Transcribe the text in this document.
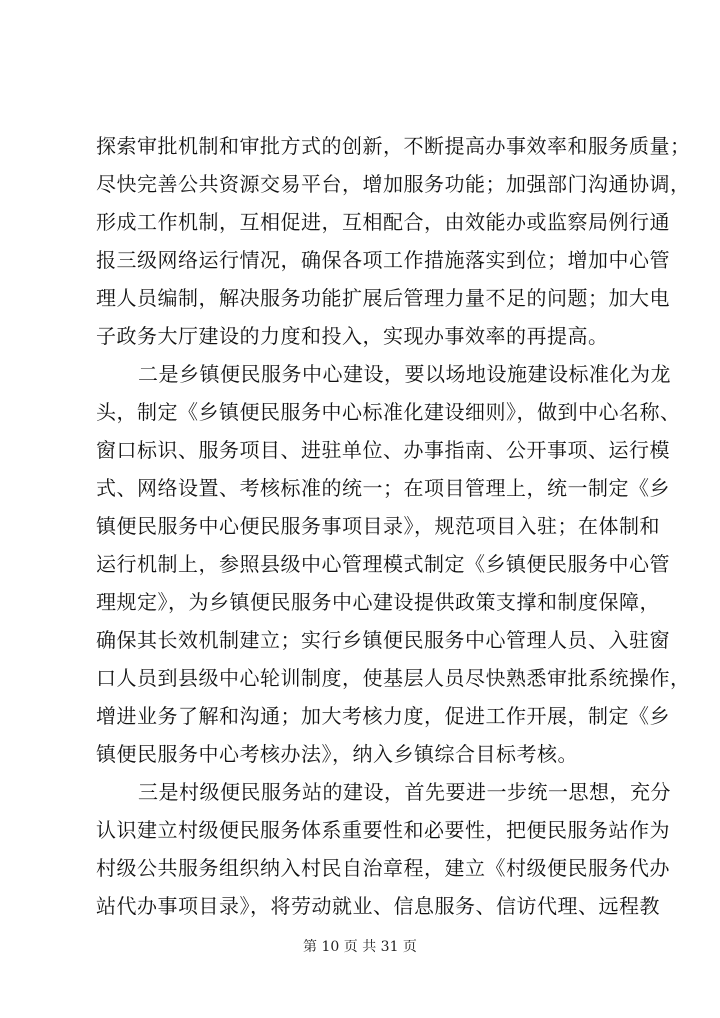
探索审批机制和审批方式的创新，不断提高办事效率和服务质量；
尽快完善公共资源交易平台，增加服务功能；加强部门沟通协调，
形成工作机制，互相促进，互相配合，由效能办或监察局例行通
报三级网络运行情况，确保各项工作措施落实到位；增加中心管
理人员编制，解决服务功能扩展后管理力量不足的问题；加大电
子政务大厅建设的力度和投入，实现办事效率的再提高。
二是乡镇便民服务中心建设，要以场地设施建设标准化为龙
头，制定《乡镇便民服务中心标准化建设细则》，做到中心名称、
窗口标识、服务项目、进驻单位、办事指南、公开事项、运行模
式、网络设置、考核标准的统一；在项目管理上，统一制定《乡
镇便民服务中心便民服务事项目录》，规范项目入驻；在体制和
运行机制上，参照县级中心管理模式制定《乡镇便民服务中心管
理规定》，为乡镇便民服务中心建设提供政策支撑和制度保障，
确保其长效机制建立；实行乡镇便民服务中心管理人员、入驻窗
口人员到县级中心轮训制度，使基层人员尽快熟悉审批系统操作，
增进业务了解和沟通；加大考核力度，促进工作开展，制定《乡
镇便民服务中心考核办法》，纳入乡镇综合目标考核。
三是村级便民服务站的建设，首先要进一步统一思想，充分
认识建立村级便民服务体系重要性和必要性，把便民服务站作为
村级公共服务组织纳入村民自治章程，建立《村级便民服务代办
站代办事项目录》，将劳动就业、信息服务、信访代理、远程教
第 10 页 共 31 页
